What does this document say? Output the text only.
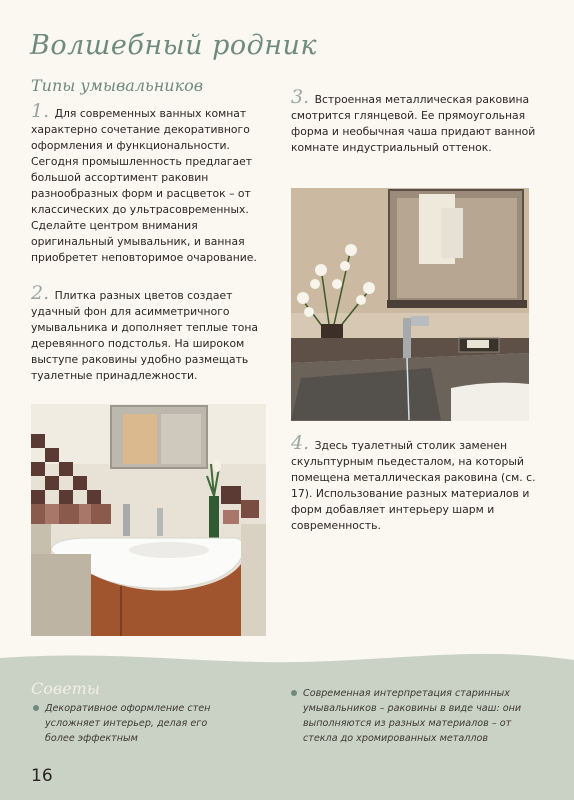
Волшебный родник
Типы умывальников
1. Для современных ванных комнат характерно сочетание декоративного оформления и функциональности. Сегодня промышленность предлагает большой ассортимент раковин разнообразных форм и расцветок – от классических до ультрасовременных. Сделайте центром внимания оригинальный умывальник, и ванная приобретет неповторимое очарование.
2. Плитка разных цветов создает удачный фон для асимметричного умывальника и дополняет теплые тона деревянного подстолья. На широком выступе раковины удобно размещать туалетные принадлежности.
3. Встроенная металлическая раковина смотрится глянцевой. Ее прямоугольная форма и необычная чаша придают ванной комнате индустриальный оттенок.
4. Здесь туалетный столик заменен скульптурным пьедесталом, на который помещена металлическая раковина (см. с. 17). Использование разных материалов и форм добавляет интерьеру шарм и современность.
Советы
Декоративное оформление стен усложняет интерьер, делая его более эффектным
Современная интерпретация старинных умывальников – раковины в виде чаш: они выполняются из разных материалов – от стекла до хромированных металлов
16
